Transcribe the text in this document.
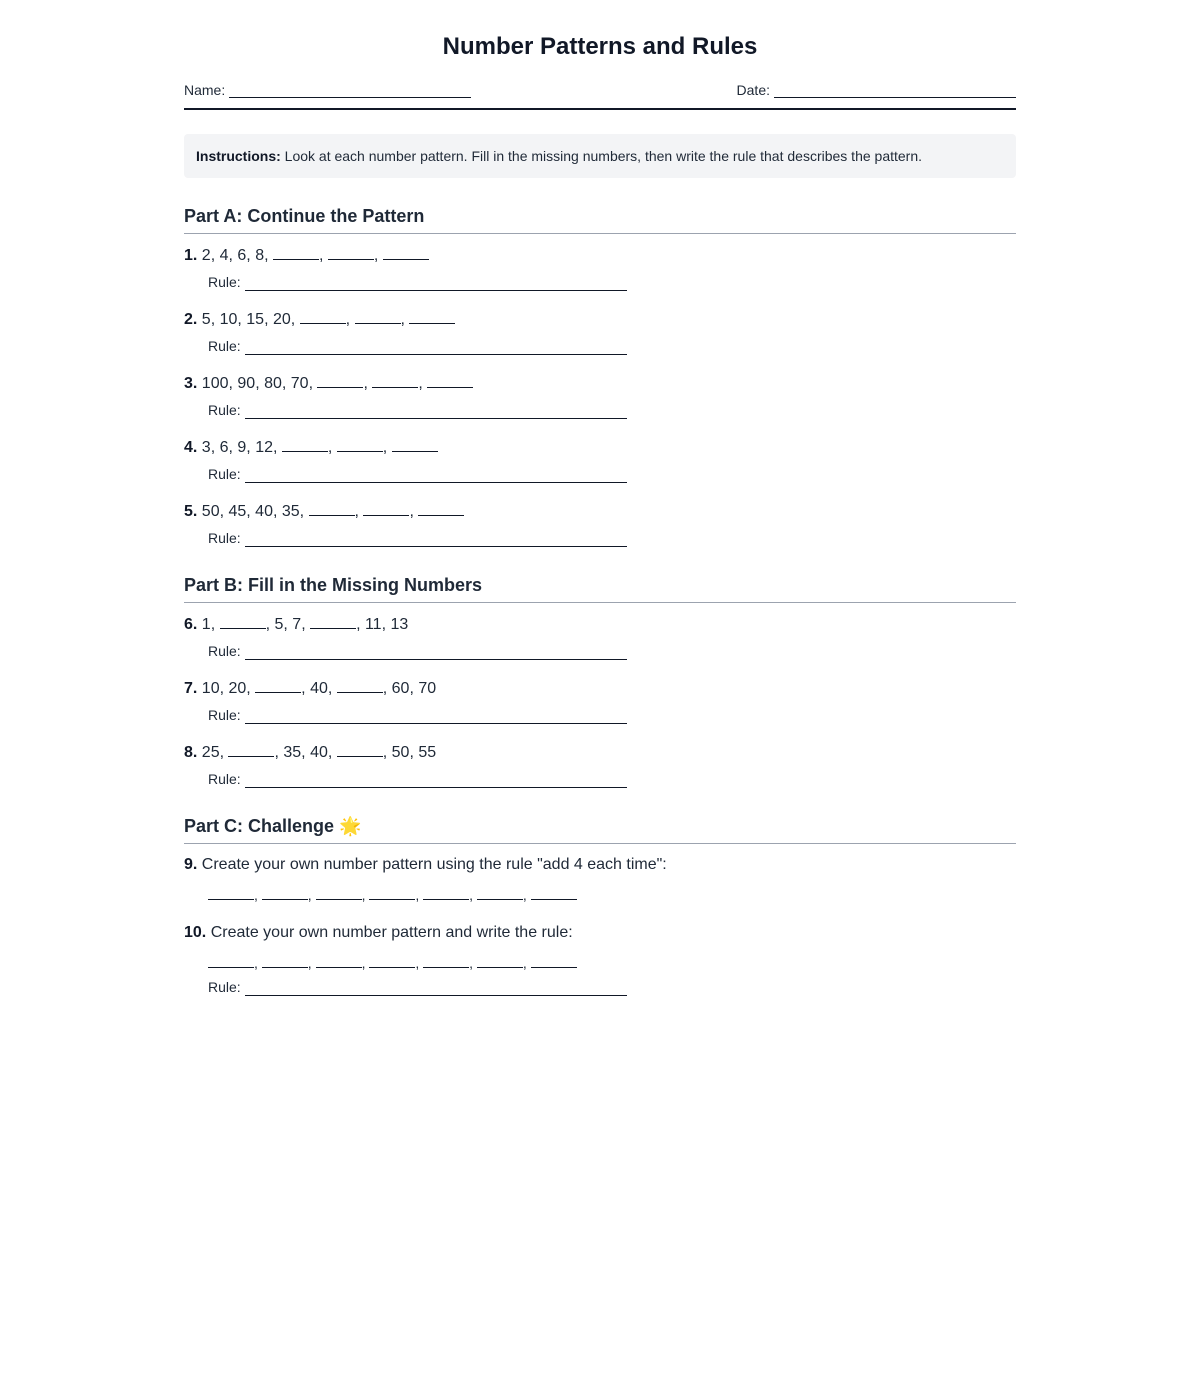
Number Patterns and Rules
Name:	Date:
Instructions: Look at each number pattern. Fill in the missing numbers, then write the rule that describes the pattern.
Part A: Continue the Pattern
Part B: Fill in the Missing Numbers
Part C: Challenge 🌟
1. 2, 4, 6, 8,	,	,
Rule:
2. 5, 10, 15, 20,	,	,
Rule:
3. 100, 90, 80, 70,	,	,
Rule:
4. 3, 6, 9, 12,	,	,
Rule:
5. 50, 45, 40, 35,	,	,
Rule:
6. 1,	, 5, 7,	, 11, 13
Rule:
7. 10, 20,	, 40,	, 60, 70
Rule:
8. 25,	, 35, 40,	, 50, 55
Rule:
9. Create your own number pattern using the rule "add 4 each time":
,	,	,	,	,	,
10. Create your own number pattern and write the rule:
,	,	,	,	,	,
Rule:
